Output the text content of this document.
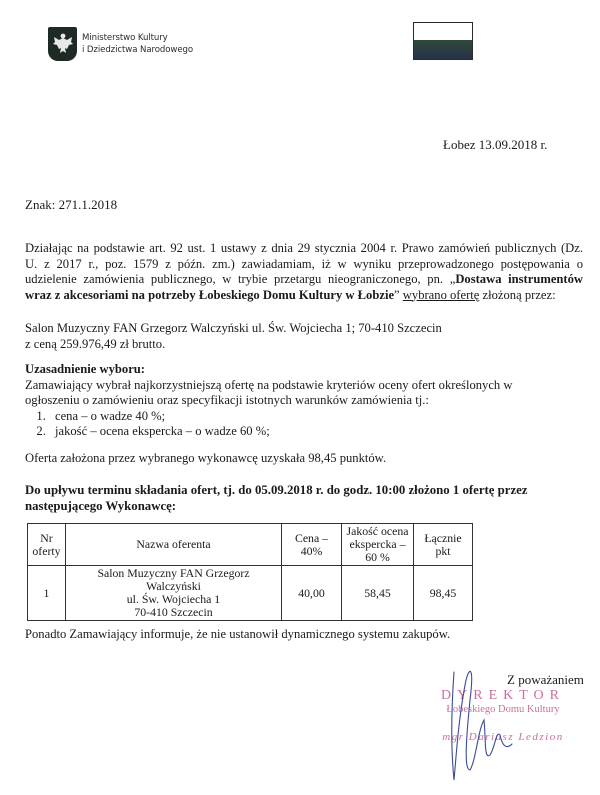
Ministerstwo Kultury
i Dziedzictwa Narodowego
Łobez 13.09.2018 r.
Znak: 271.1.2018
Działając na podstawie art. 92 ust. 1 ustawy z dnia 29 stycznia 2004 r. Prawo zamówień publicznych (Dz.
U. z 2017 r., poz. 1579 z późn. zm.) zawiadamiam, iż w wyniku przeprowadzonego postępowania o
udzielenie zamówienia publicznego, w trybie przetargu nieograniczonego, pn. „Dostawa instrumentów
wraz z akcesoriami na potrzeby Łobeskiego Domu Kultury w Łobzie” wybrano ofertę złożoną przez:
Salon Muzyczny FAN Grzegorz Walczyński ul. Św. Wojciecha 1; 70-410 Szczecin
z ceną 259.976,49 zł brutto.
Uzasadnienie wyboru:
Zamawiający wybrał najkorzystniejszą ofertę na podstawie kryteriów oceny ofert określonych w
ogłoszeniu o zamówieniu oraz specyfikacji istotnych warunków zamówienia tj.:
1. cena – o wadze 40 %;
2. jakość – ocena ekspercka – o wadze 60 %;
Oferta założona przez wybranego wykonawcę uzyskała 98,45 punktów.
Do upływu terminu składania ofert, tj. do 05.09.2018 r. do godz. 10:00 złożono 1 ofertę przez
następującego Wykonawcę:
Nr
oferty	Nazwa oferenta	Cena –
40%	Jakość ocena
ekspercka –
60 %	Łącznie
pkt
1	Salon Muzyczny FAN Grzegorz Walczyński
ul. Św. Wojciecha 1
70-410 Szczecin	40,00	58,45	98,45
Ponadto Zamawiający informuje, że nie ustanowił dynamicznego systemu zakupów.
Z poważaniem
DYREKTOR
Łobeskiego Domu Kultury
mgr Dariusz Ledzion
